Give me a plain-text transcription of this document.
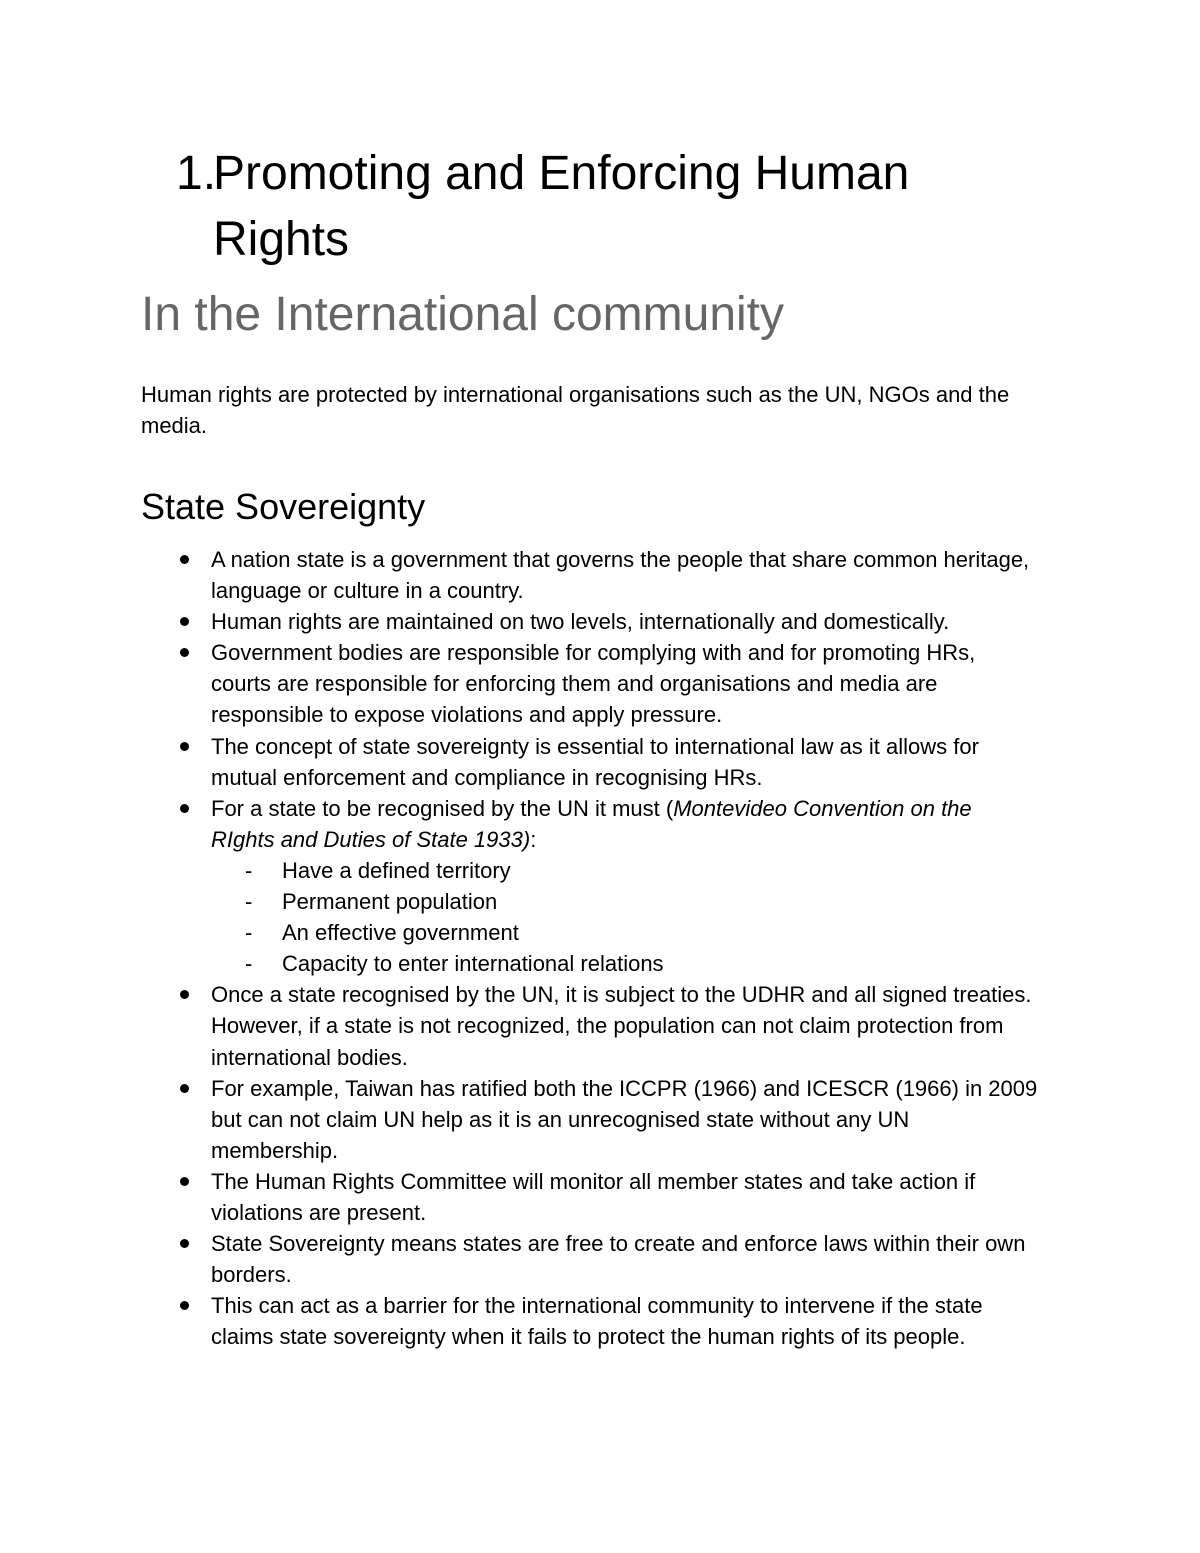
1.
Promoting and Enforcing Human
Rights
In the International community

Human rights are protected by international organisations such as the UN, NGOs and the media.

State Sovereignty
A nation state is a government that governs the people that share common heritage, language or culture in a country.
Human rights are maintained on two levels, internationally and domestically.
Government bodies are responsible for complying with and for promoting HRs, courts are responsible for enforcing them and organisations and media are responsible to expose violations and apply pressure.
The concept of state sovereignty is essential to international law as it allows for mutual enforcement and compliance in recognising HRs.
For a state to be recognised by the UN it must (Montevideo Convention on the RIghts and Duties of State 1933):
- Have a defined territory
- Permanent population
- An effective government
- Capacity to enter international relations
Once a state recognised by the UN, it is subject to the UDHR and all signed treaties. However, if a state is not recognized, the population can not claim protection from international bodies.
For example, Taiwan has ratified both the ICCPR (1966) and ICESCR (1966) in 2009 but can not claim UN help as it is an unrecognised state without any UN membership.
The Human Rights Committee will monitor all member states and take action if violations are present.
State Sovereignty means states are free to create and enforce laws within their own borders.
This can act as a barrier for the international community to intervene if the state claims state sovereignty when it fails to protect the human rights of its people.
